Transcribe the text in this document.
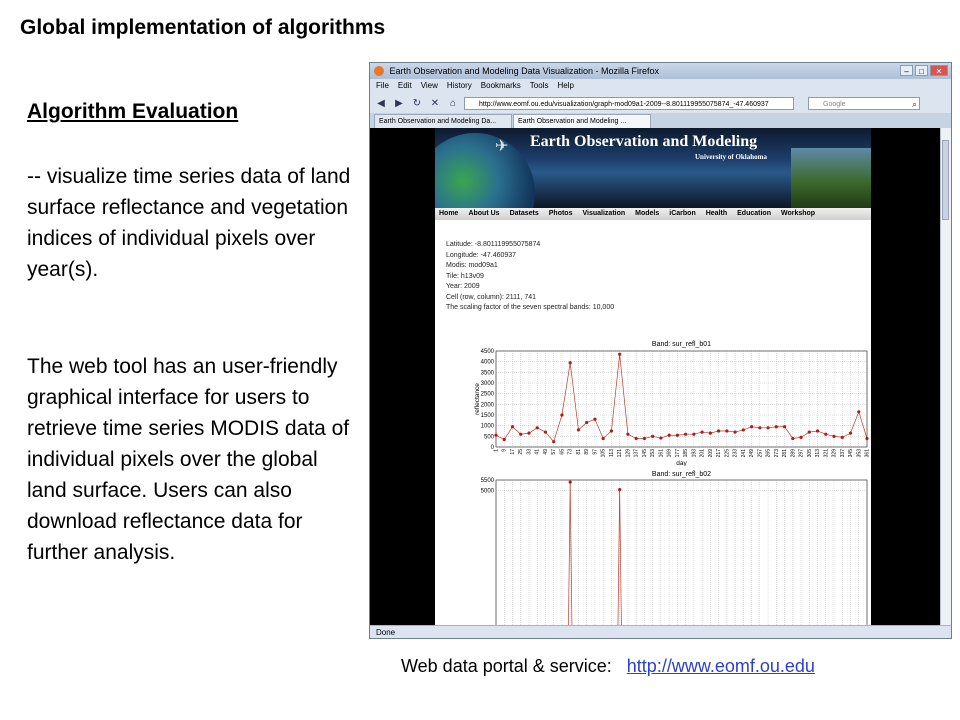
Global implementation of algorithms
Algorithm Evaluation

-- visualize time series data of land surface reflectance and vegetation indices of individual pixels over year(s).

The web tool has an user-friendly graphical interface for users to retrieve time series MODIS data of individual pixels over the global land surface. Users can also download reflectance data for further analysis.

Earth Observation and Modeling Data Visualization - Mozilla Firefox	–	□	✕
File Edit View History Bookmarks Tools Help
◀	▶ ↻ ✕	⌂	http://www.eomf.ou.edu/visualization/graph-mod09a1-2009--8.801119955075874_-47.460937	Google	⌕
Earth Observation and Modeling Da...	Earth Observation and Modeling ...
✈ Earth Observation and Modeling
University of Oklahoma
Home About Us Datasets Photos Visualization Models iCarbon Health Education Workshop
Latitude: -8.801119955075874
Longitude: -47.460937
Modis: mod09a1
Tile: h13v09
Year: 2009
Cell (row, column): 2111, 741
The scaling factor of the seven spectral bands: 10,000
Band: sur_refl_b01
0
500
1000
1500
2000
2500
3000
3500
4000
4500
1 9 17 25 33 41 49 57 65 73 81 89 97 105 113 121 129 137 145 153 161 169 177 185 193 201 209 217 225 233 241 249 257 265 273 281 289 297 305 313 321 329 337 345 353 361
day
reflectance
Band: sur_refl_b02
5000
5500
Done
Web data portal & service: http://www.eomf.ou.edu
